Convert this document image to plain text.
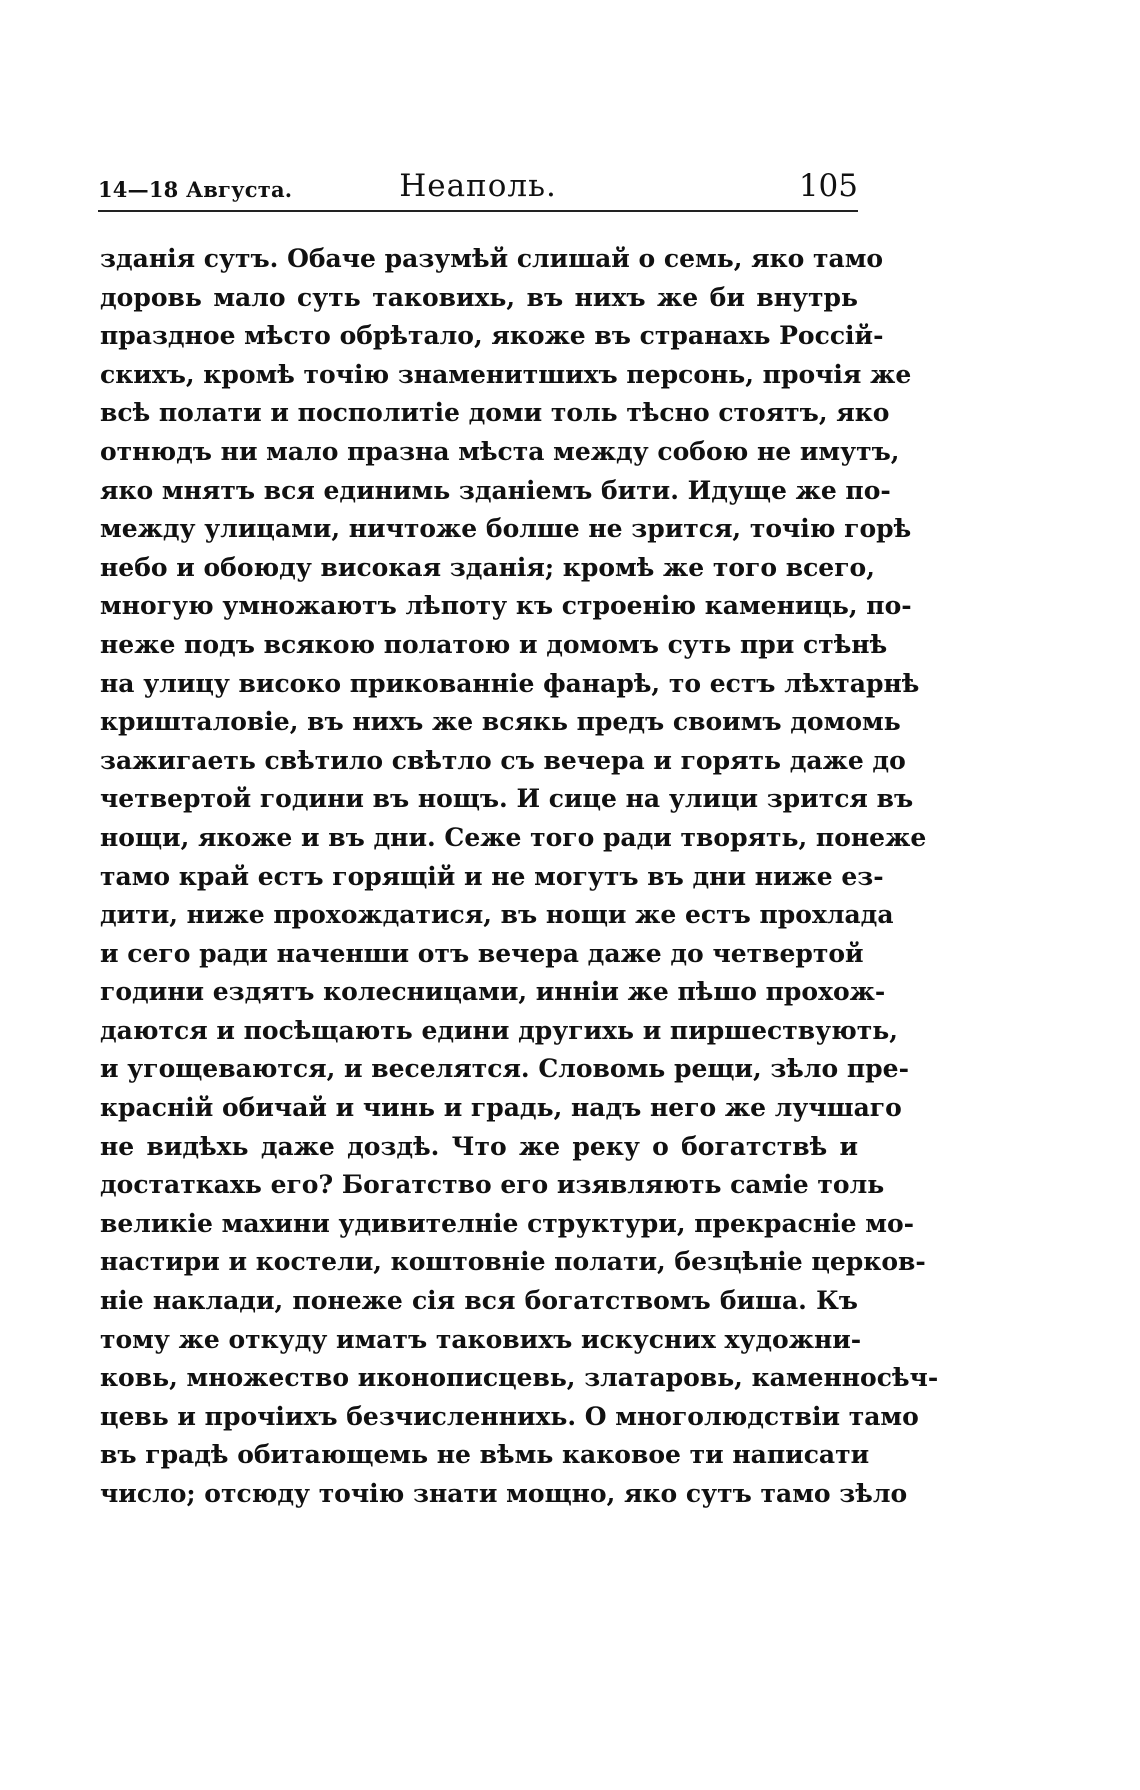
14—18 Августа.	Неаполь.	105
зданія сутъ. Обаче разумѣй слишай о семь, яко тамо
доровь мало суть таковихь, въ нихъ же би внутрь
праздное мѣсто обрѣтало, якоже въ странахь Россій-
скихъ, кромѣ точію знаменитшихъ персонь, прочія же
всѣ полати и посполитіе доми толь тѣсно стоятъ, яко
отнюдъ ни мало празна мѣста между собою не имутъ,
яко мнятъ вся единимь зданіемъ бити. Идуще же по-
между улицами, ничтоже болше не зрится, точію горѣ
небо и обоюду високая зданія; кромѣ же того всего,
многую умножаютъ лѣпоту къ строенію камениць, по-
неже подъ всякою полатою и домомъ суть при стѣнѣ
на улицу високо прикованніе фанарѣ, то естъ лѣхтарнѣ
кришталовіе, въ нихъ же всякь предъ своимъ домомь
зажигаеть свѣтило свѣтло съ вечера и горять даже до
четвертой години въ нощъ. И сице на улици зрится въ
нощи, якоже и въ дни. Сеже того ради творять, понеже
тамо край естъ горящій и не могутъ въ дни ниже ез-
дити, ниже прохождатися, въ нощи же естъ прохлада
и сего ради наченши отъ вечера даже до четвертой
години ездятъ колесницами, инніи же пѣшо прохож-
даются и посѣщають едини другихь и пиршествують,
и угощеваются, и веселятся. Словомь рещи, зѣло пре-
красній обичай и чинь и градь, надъ него же лучшаго
не видѣхь даже доздѣ. Что же реку о богатствѣ и
достаткахь его? Богатство его изявляють саміе толь
великіе махини удивителніе структури, прекрасніе мо-
настири и костели, коштовніе полати, безцѣніе церков-
ніе наклади, понеже сія вся богатствомъ биша. Къ
тому же откуду иматъ таковихъ искусних художни-
ковь, множество иконописцевь, златаровь, каменносѣч-
цевь и прочіихъ безчисленнихь. О многолюдствіи тамо
въ градѣ обитающемь не вѣмь каковое ти написати
число; отсюду точію знати мощно, яко сутъ тамо зѣло
